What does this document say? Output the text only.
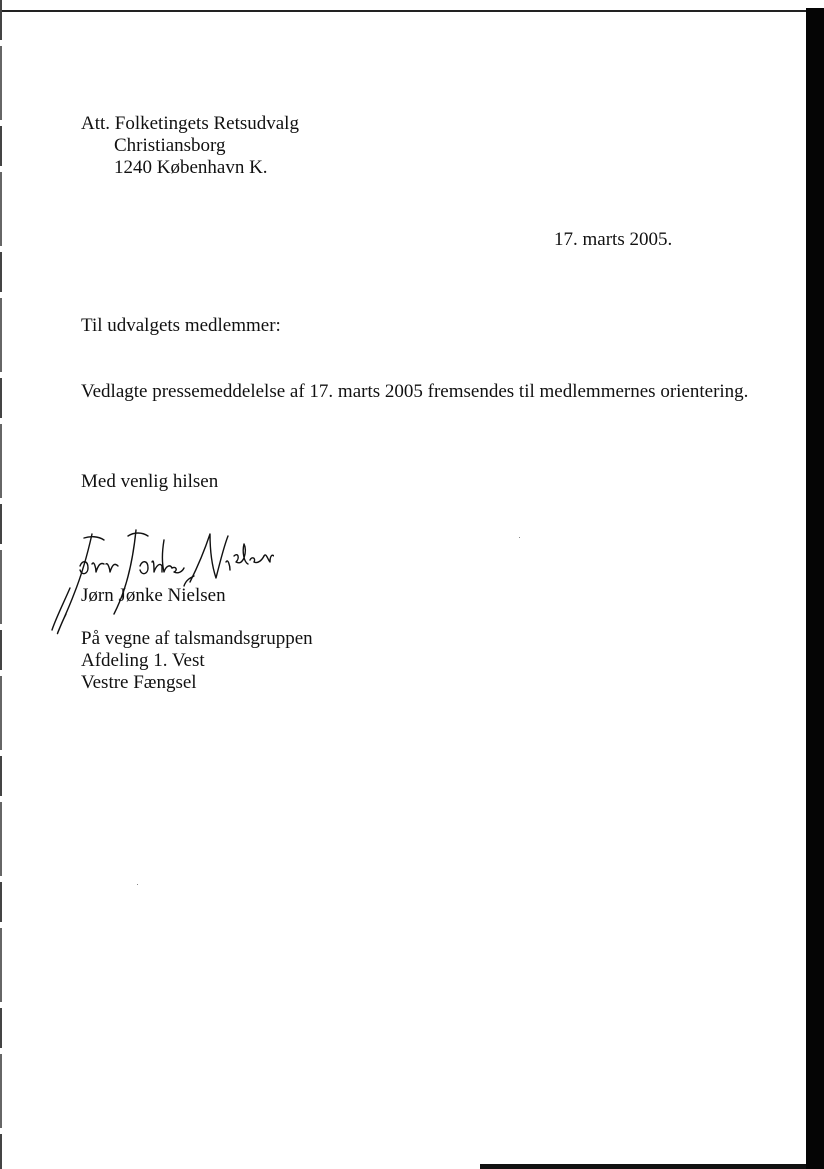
Att. Folketingets Retsudvalg
Christiansborg
1240 København K.
17. marts 2005.
Til udvalgets medlemmer:
Vedlagte pressemeddelelse af 17. marts 2005 fremsendes til medlemmernes orientering.
Med venlig hilsen
Jørn Jønke Nielsen
På vegne af talsmandsgruppen
Afdeling 1. Vest
Vestre Fængsel
